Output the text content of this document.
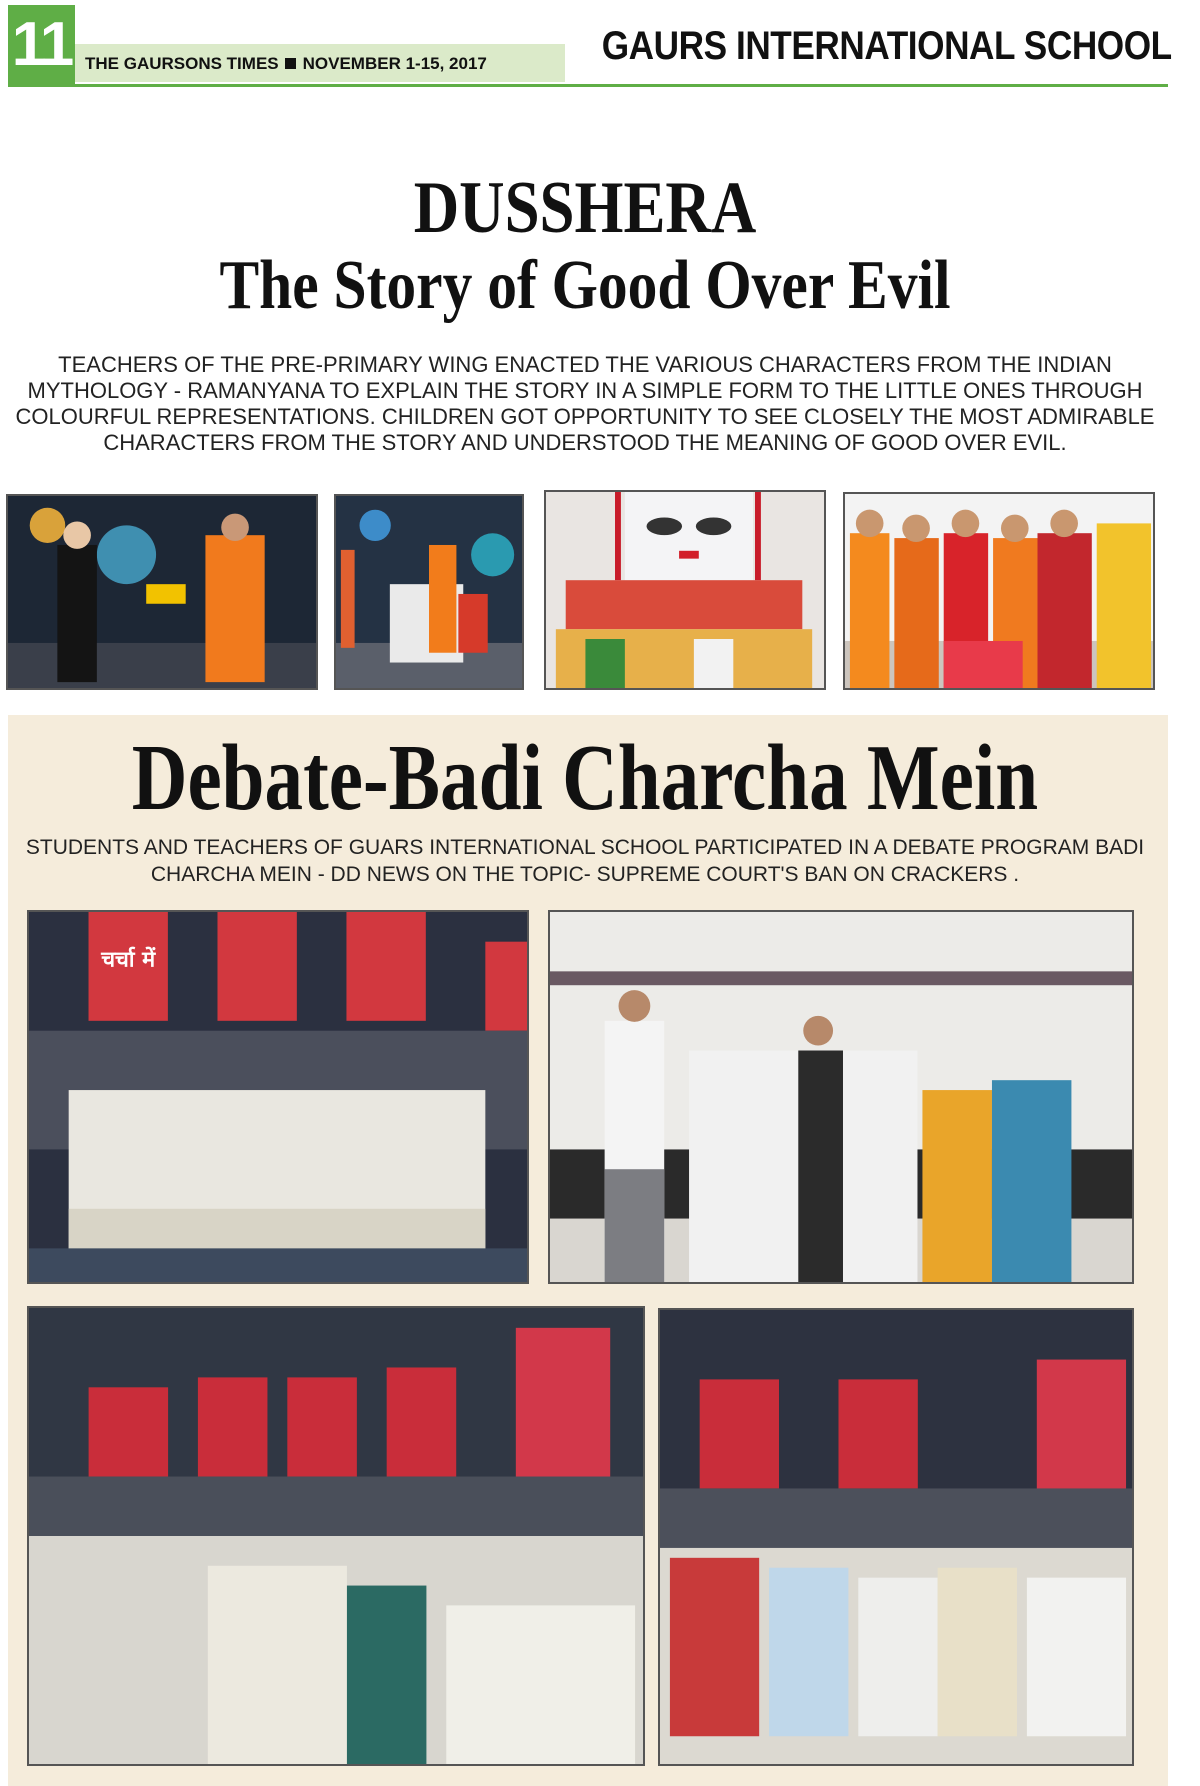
11 THE GAURSONS TIMES NOVEMBER 1-15, 2017	GAURS INTERNATIONAL SCHOOL
DUSSHERA
The Story of Good Over Evil
TEACHERS OF THE PRE-PRIMARY WING ENACTED THE VARIOUS CHARACTERS FROM THE INDIAN MYTHOLOGY - RAMANYANA TO EXPLAIN THE STORY IN A SIMPLE FORM TO THE LITTLE ONES THROUGH COLOURFUL REPRESENTATIONS. CHILDREN GOT OPPORTUNITY TO SEE CLOSELY THE MOST ADMIRABLE CHARACTERS FROM THE STORY AND UNDERSTOOD THE MEANING OF GOOD OVER EVIL.
Debate-Badi Charcha Mein
STUDENTS AND TEACHERS OF GUARS INTERNATIONAL SCHOOL PARTICIPATED IN A DEBATE PROGRAM BADI CHARCHA MEIN - DD NEWS ON THE TOPIC- SUPREME COURT'S BAN ON CRACKERS .
चर्चा में
